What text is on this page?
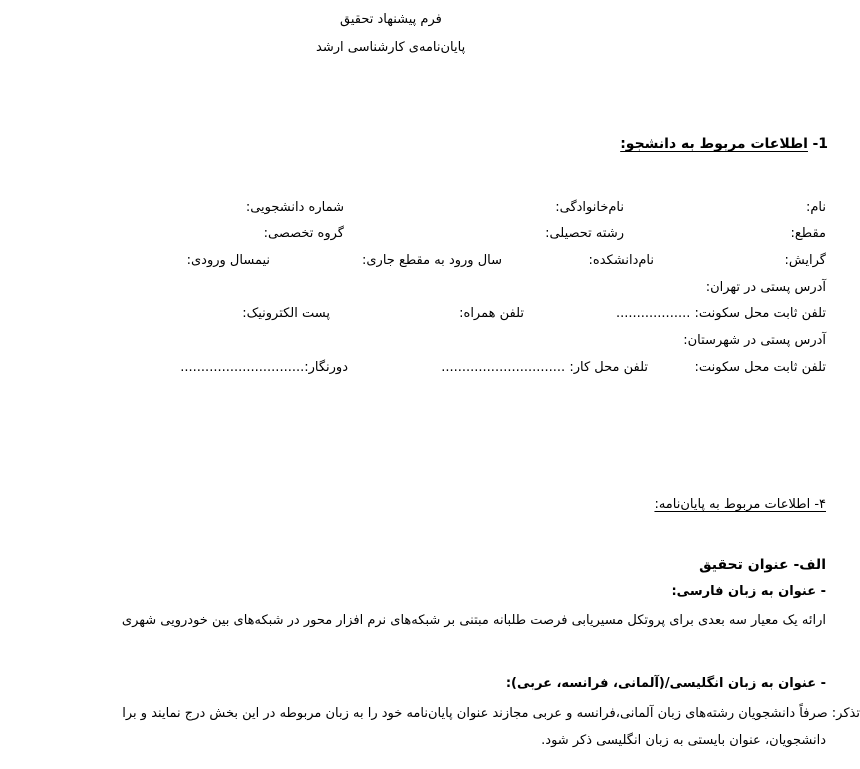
فرم پیشنهاد تحقیق
پایان‌نامه‌ی کارشناسی ارشد
1- اطلاعات مربوط به دانشجو:
نام:
نام‌خانوادگی:
شماره دانشجویی:
مقطع:
رشته تحصیلی:
گروه تخصصی:
گرایش:
نام‌دانشکده:
سال ورود به مقطع جاری:
نیمسال ورودی:
آدرس پستی در تهران:
تلفن ثابت محل سکونت: ..................
تلفن همراه:
پست الکترونیک:
آدرس پستی در شهرستان:
تلفن ثابت محل سکونت:
تلفن محل کار: ..............................
دورنگار:..............................
۴- اطلاعات مربوط به پایان‌نامه:
الف- عنوان تحقیق
- عنوان به زبان فارسی:
ارائه یک معیار سه بعدی برای پروتکل مسیریابی فرصت طلبانه مبتنی بر شبکه‌های نرم افزار محور در شبکه‌های بین خودرویی شهری
- عنوان به زبان انگلیسی/(آلمانی، فرانسه، عربی):
تذکر: صرفاً دانشجویان رشته‌های زبان آلمانی،فرانسه و عربی مجازند عنوان پایان‌نامه خود را به زبان مربوطه در این بخش درج نمایند و برا
دانشجویان، عنوان بایستی به زبان انگلیسی ذکر شود.
